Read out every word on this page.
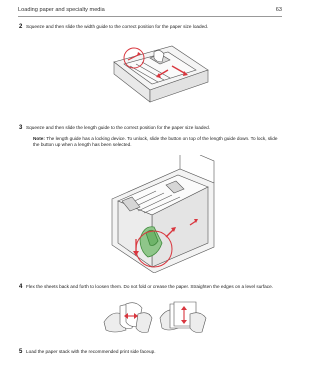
Loading paper and specialty media	63
2 Squeeze and then slide the width guide to the correct position for the paper size loaded.
3 Squeeze and then slide the length guide to the correct position for the paper size loaded.
Note: The length guide has a locking device. To unlock, slide the button on top of the length guide down. To lock, slide the button up when a length has been selected.
4 Flex the sheets back and forth to loosen them. Do not fold or crease the paper. Straighten the edges on a level surface.
5 Load the paper stack with the recommended print side faceup.
